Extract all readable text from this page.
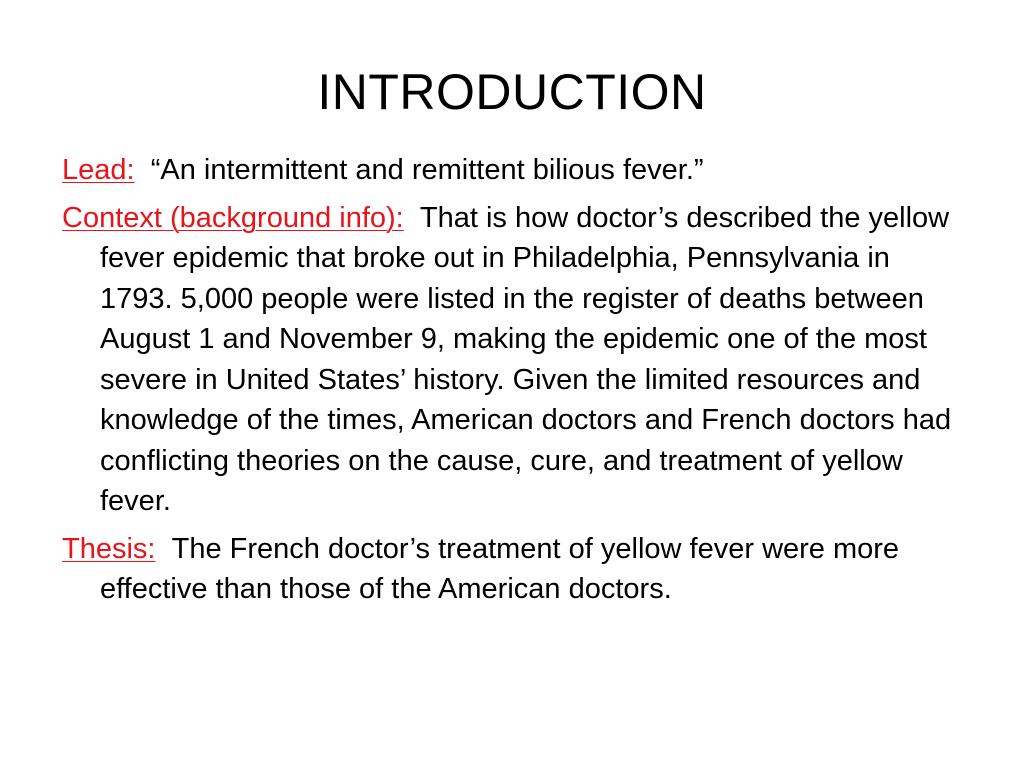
INTRODUCTION

Lead: “An intermittent and remittent bilious fever.”

Context (background info): That is how doctor’s described the yellow fever epidemic that broke out in Philadelphia, Pennsylvania in 1793. 5,000 people were listed in the register of deaths between August 1 and November 9, making the epidemic one of the most severe in United States’ history. Given the limited resources and knowledge of the times, American doctors and French doctors had conflicting theories on the cause, cure, and treatment of yellow fever.

Thesis: The French doctor’s treatment of yellow fever were more effective than those of the American doctors.
